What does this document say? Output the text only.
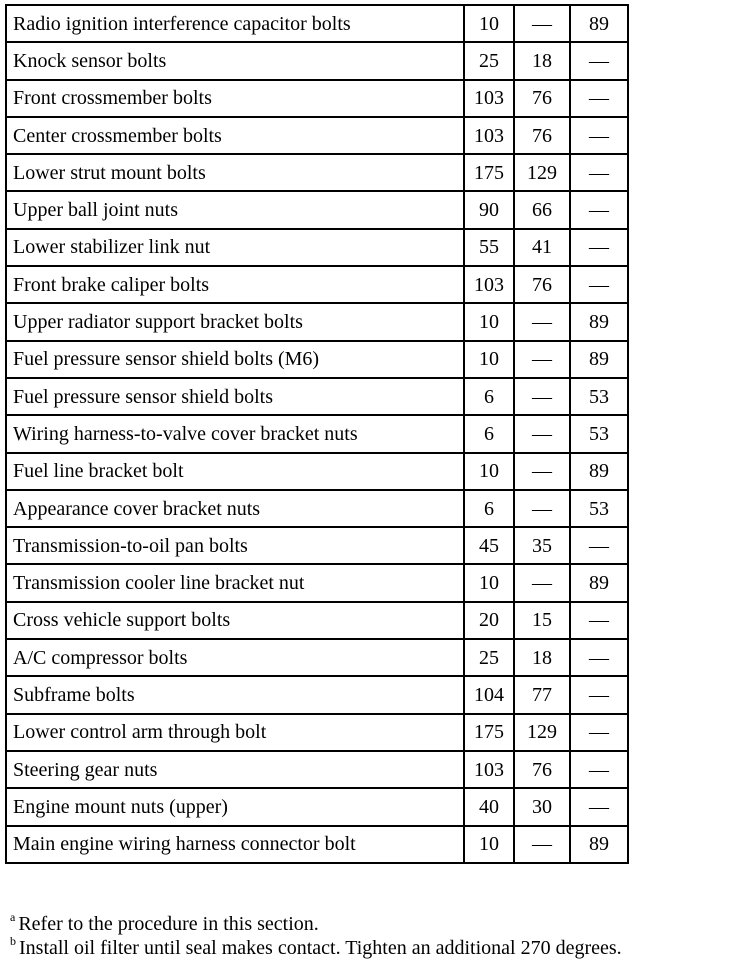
Radio ignition interference capacitor bolts	10	—	89
Knock sensor bolts	25	18	—
Front crossmember bolts	103	76	—
Center crossmember bolts	103	76	—
Lower strut mount bolts	175	129	—
Upper ball joint nuts	90	66	—
Lower stabilizer link nut	55	41	—
Front brake caliper bolts	103	76	—
Upper radiator support bracket bolts	10	—	89
Fuel pressure sensor shield bolts (M6)	10	—	89
Fuel pressure sensor shield bolts	6	—	53
Wiring harness-to-valve cover bracket nuts	6	—	53
Fuel line bracket bolt	10	—	89
Appearance cover bracket nuts	6	—	53
Transmission-to-oil pan bolts	45	35	—
Transmission cooler line bracket nut	10	—	89
Cross vehicle support bolts	20	15	—
A/C compressor bolts	25	18	—
Subframe bolts	104	77	—
Lower control arm through bolt	175	129	—
Steering gear nuts	103	76	—
Engine mount nuts (upper)	40	30	—
Main engine wiring harness connector bolt	10	—	89
$^a$ Refer to the procedure in this section.
$^b$ Install oil filter until seal makes contact. Tighten an additional 270 degrees.
